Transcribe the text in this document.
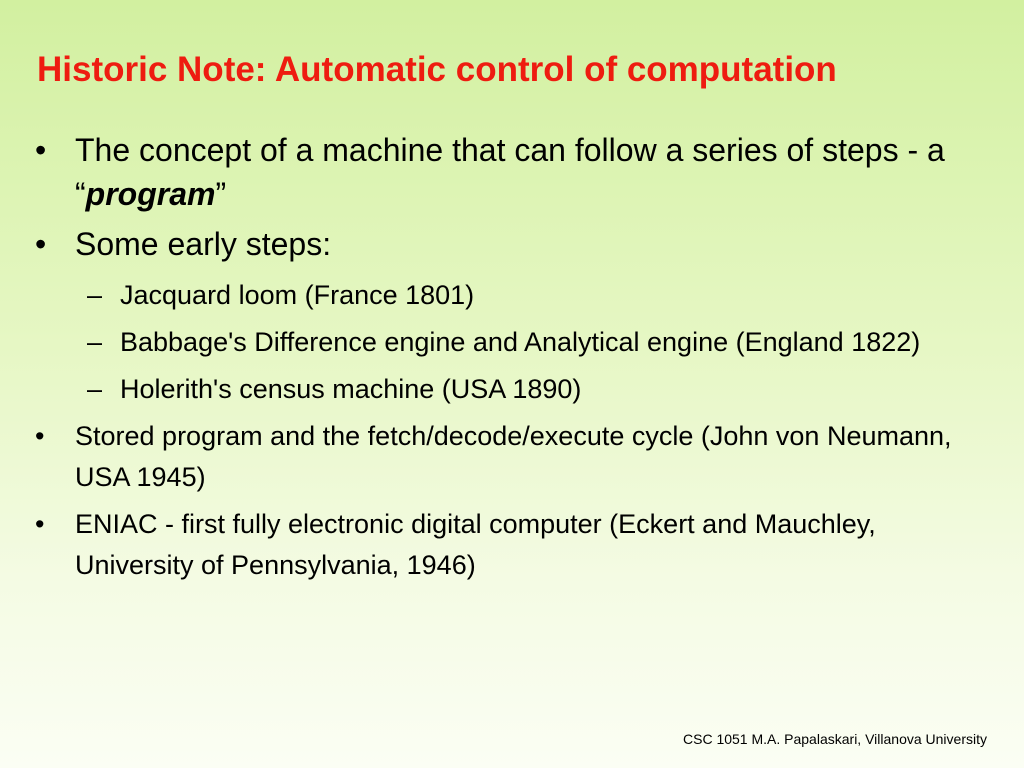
Historic Note: Automatic control of computation
• The concept of a machine that can follow a series of steps - a “program”
• Some early steps:
– Jacquard loom (France 1801)
– Babbage's Difference engine and Analytical engine (England 1822)
– Holerith's census machine (USA 1890)
• Stored program and the fetch/decode/execute cycle (John von Neumann, USA 1945)
• ENIAC - first fully electronic digital computer (Eckert and Mauchley, University of Pennsylvania, 1946)
CSC 1051 M.A. Papalaskari, Villanova University
